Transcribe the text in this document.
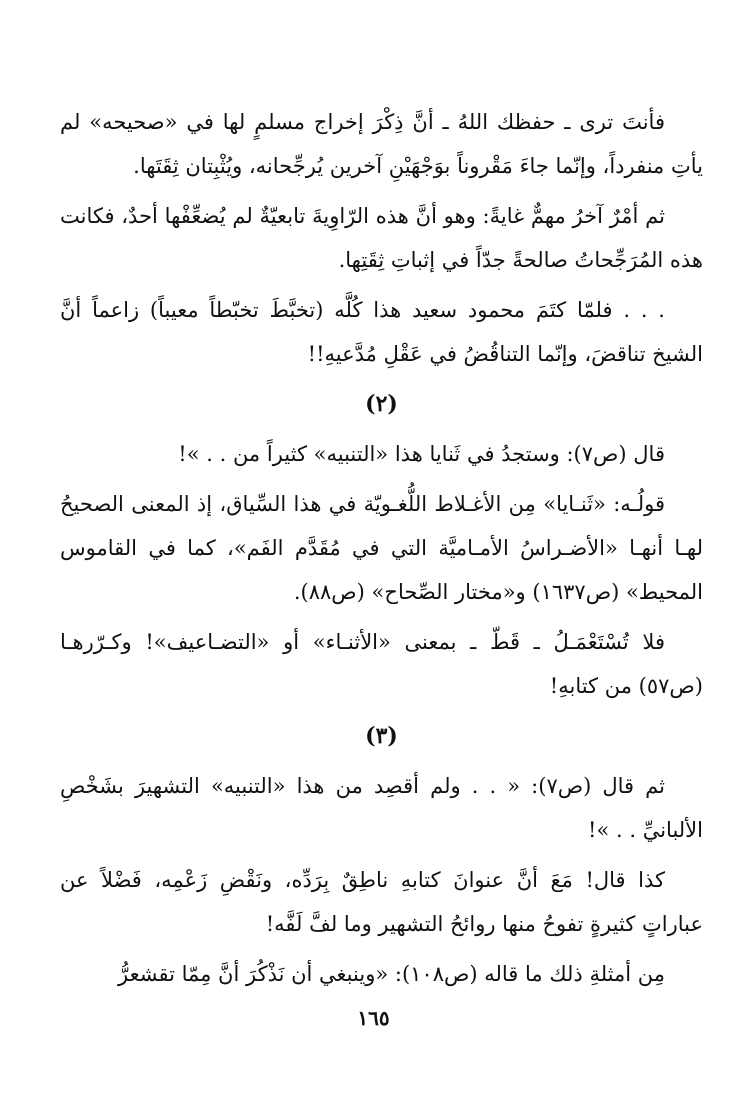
فأنتَ ترى ـ حفظك اللهُ ـ أنَّ ذِكْرَ إخراج مسلمٍ لها في «صحيحه» لم يأتِ منفرداً، وإنّما جاءَ مَقْروناً بوَجْهَيْنِ آخرين يُرجِّحانه، ويُثْبِتان ثِقَتَها.

ثم أمْرٌ آخرُ مهمٌّ غايةً: وهو أنَّ هذه الرّاوِيةَ تابعيّةٌ لم يُضعِّفْها أحدٌ، فكانت هذه المُرَجِّحاتُ صالحةً جدّاً في إثباتِ ثِقَتِها.

. . . فلمّا كتَمَ محمود سعيد هذا كُلَّه (تخبَّطَ تخبّطاً معيباً) زاعماً أنَّ الشيخ تناقضَ، وإنّما التناقُضُ في عَقْلِ مُدَّعيهِ!!

(٢)

قال (ص٧): وستجدُ في ثَنايا هذا «التنبيه» كثيراً من . . »!

قولُـه: «ثَنـايا» مِن الأغـلاط اللُّغـويّة في هذا السِّياق، إذ المعنى الصحيحُ لهـا أنهـا «الأضـراسُ الأمـاميَّة التي في مُقَدَّم الفَم»، كما في القاموس المحيط» (ص١٦٣٧) و«مختار الصِّحاح» (ص٨٨).

فلا تُسْتَعْمَـلُ ـ قَطّ ـ بمعنى «الأثنـاء» أو «التضـاعيف»! وكـرّرهـا (ص٥٧) من كتابهِ!

(٣)

ثم قال (ص٧): « . . ولم أقصِد من هذا «التنبيه» التشهيرَ بشَخْصِ الألبانيِّ . . »!

كذا قال! مَعَ أنَّ عنوانَ كتابهِ ناطِقٌ بِرَدِّه، ونَقْضِ زَعْمِه، فَضْلاً عن عباراتٍ كثيرةٍ تفوحُ منها روائحُ التشهير وما لفَّ لَفَّه!

مِن أمثلةِ ذلك ما قاله (ص١٠٨): «وينبغي أن نَذْكُرَ أنَّ مِمّا تقشعرُّ

١٦٥
